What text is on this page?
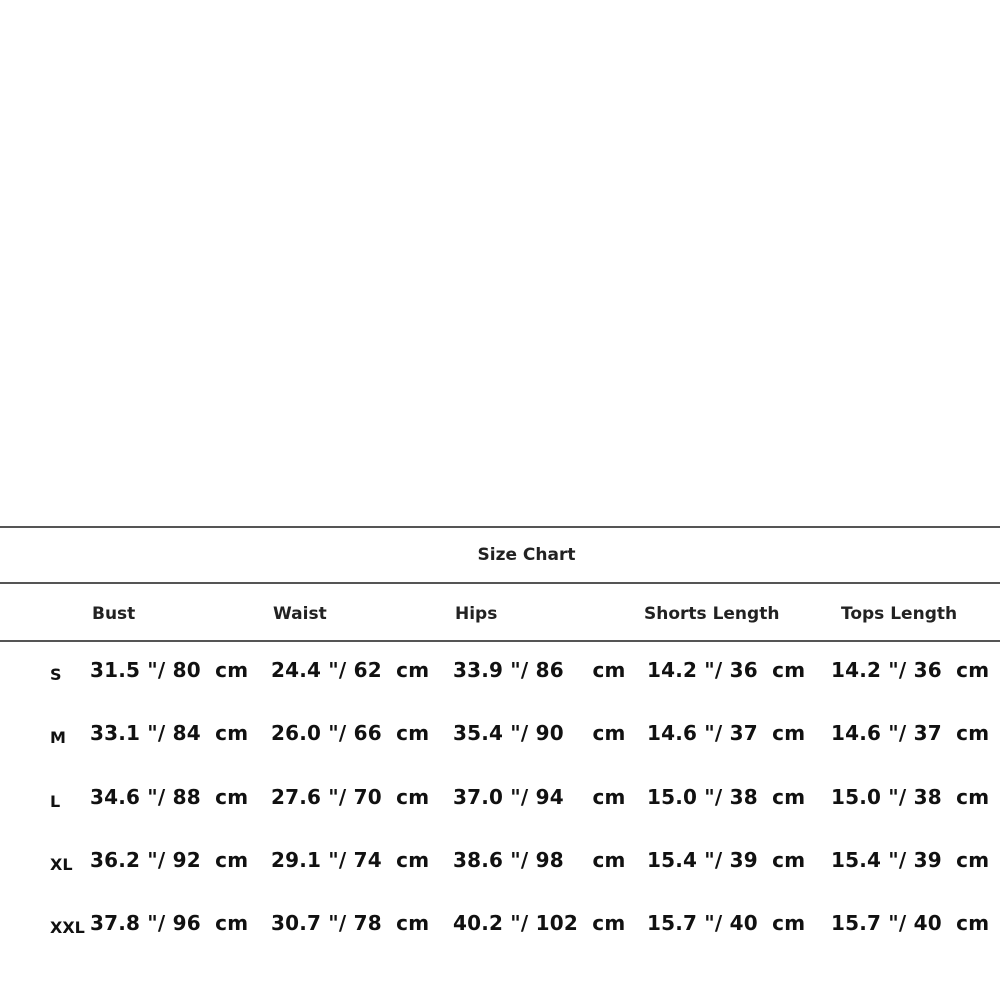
Size Chart
Bust	Waist	Hips	Shorts Length	Tops Length
S 31.5 "/ 80  cm 24.4 "/ 62  cm 33.9 "/ 86    cm 14.2 "/ 36  cm 14.2 "/ 36  cm
M 33.1 "/ 84  cm 26.0 "/ 66  cm 35.4 "/ 90    cm 14.6 "/ 37  cm 14.6 "/ 37  cm
L 34.6 "/ 88  cm 27.6 "/ 70  cm 37.0 "/ 94    cm 15.0 "/ 38  cm 15.0 "/ 38  cm
XL 36.2 "/ 92  cm 29.1 "/ 74  cm 38.6 "/ 98    cm 15.4 "/ 39  cm 15.4 "/ 39  cm
XXL 37.8 "/ 96  cm 30.7 "/ 78  cm 40.2 "/ 102  cm 15.7 "/ 40  cm 15.7 "/ 40  cm
